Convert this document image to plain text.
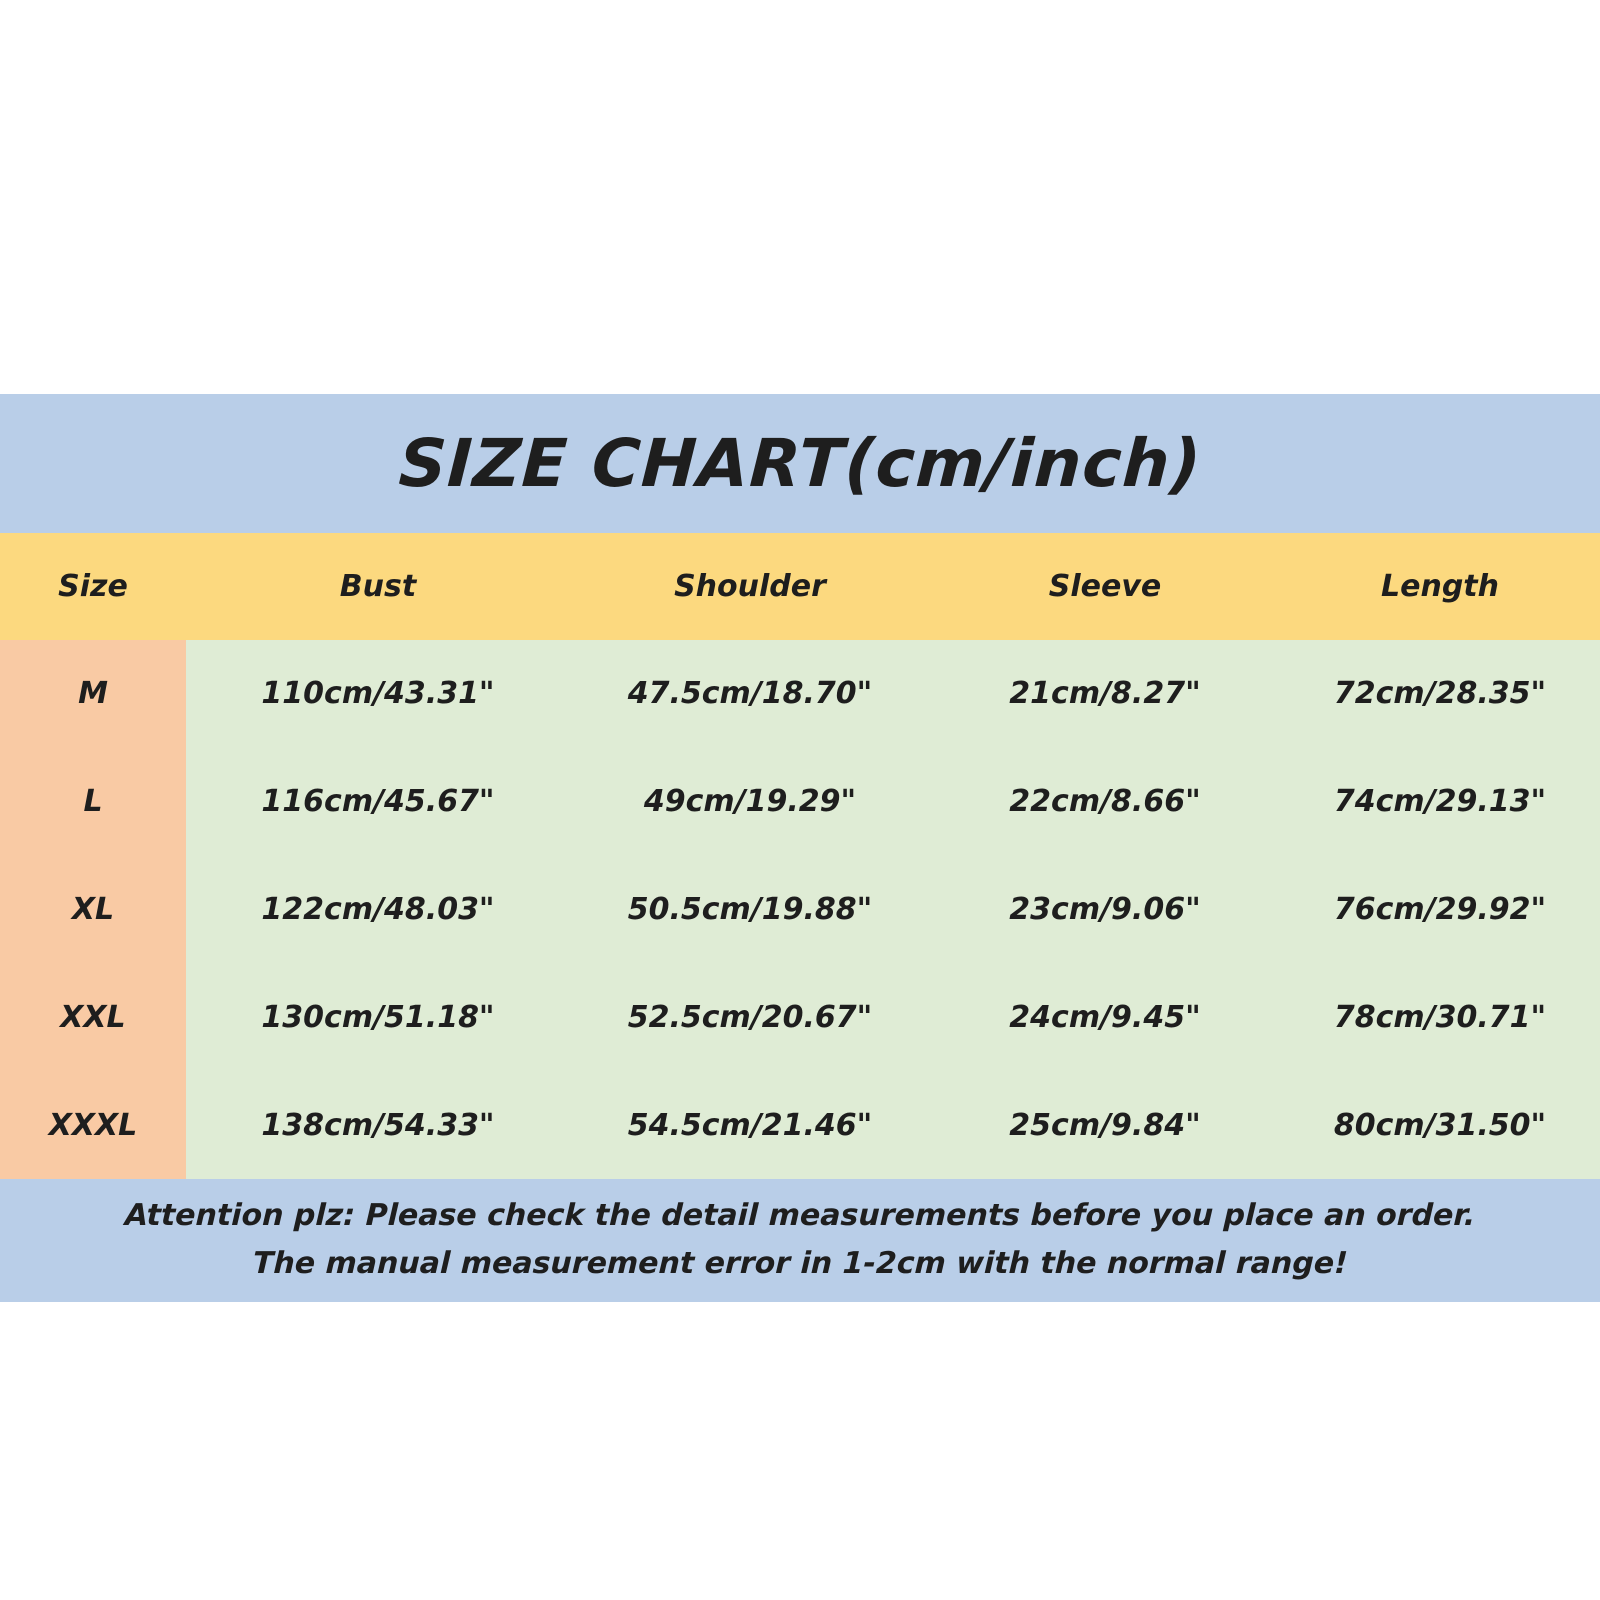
SIZE CHART(cm/inch)
Size	Bust	Shoulder	Sleeve	Length
M	110cm/43.31"	47.5cm/18.70"	21cm/8.27"	72cm/28.35"
L	116cm/45.67"	49cm/19.29"	22cm/8.66"	74cm/29.13"
XL	122cm/48.03"	50.5cm/19.88"	23cm/9.06"	76cm/29.92"
XXL	130cm/51.18"	52.5cm/20.67"	24cm/9.45"	78cm/30.71"
XXXL	138cm/54.33"	54.5cm/21.46"	25cm/9.84"	80cm/31.50"
Attention plz: Please check the detail measurements before you place an order.
The manual measurement error in 1-2cm with the normal range!
